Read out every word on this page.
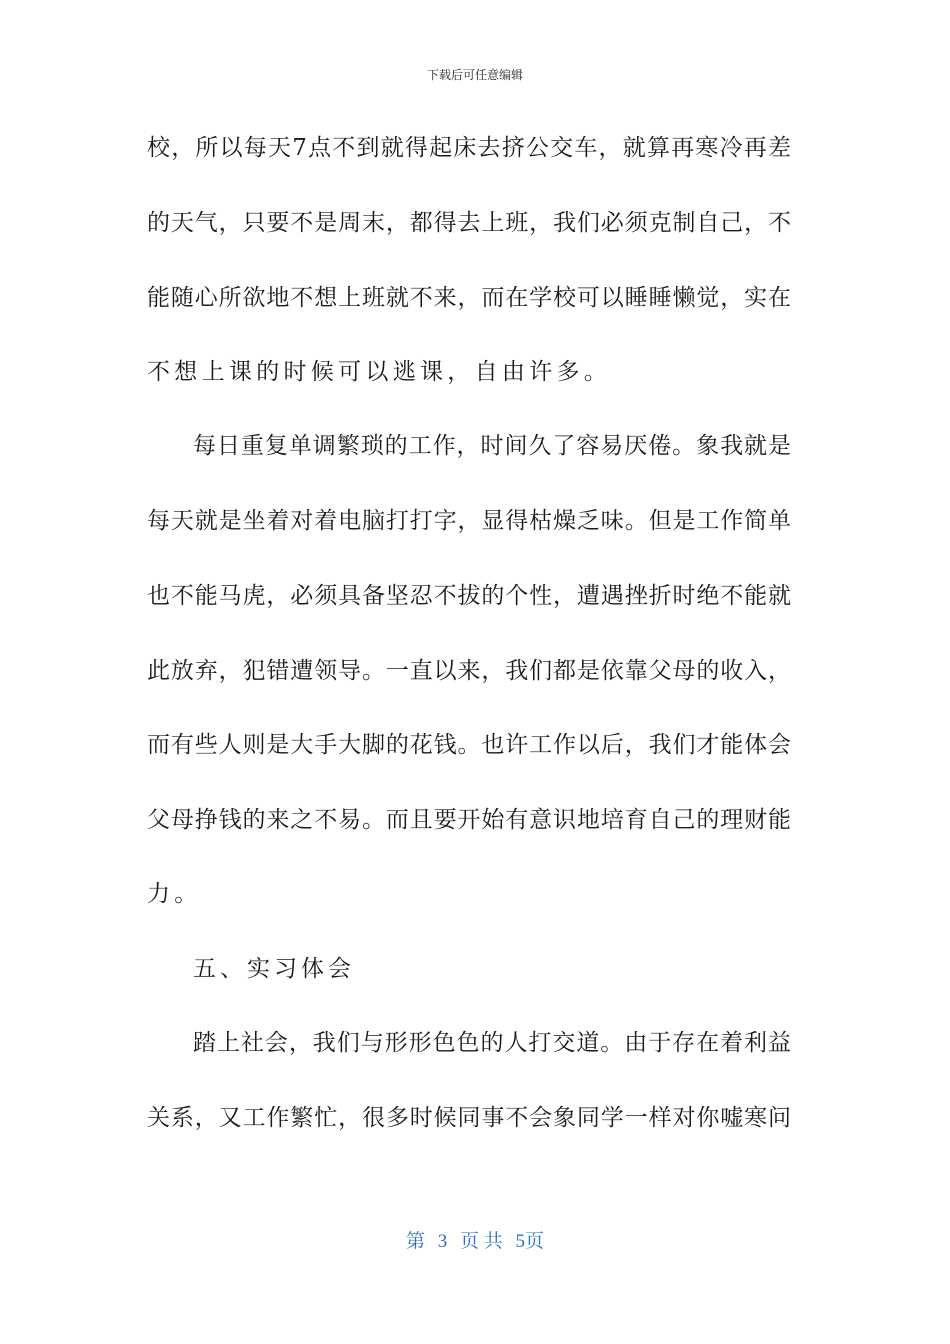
下载后可任意编辑
校，所以每天7点不到就得起床去挤公交车，就算再寒冷再差
的天气，只要不是周末，都得去上班，我们必须克制自己，不
能随心所欲地不想上班就不来，而在学校可以睡睡懒觉，实在
不想上课的时候可以逃课，自由许多。
每日重复单调繁琐的工作，时间久了容易厌倦。象我就是
每天就是坐着对着电脑打打字，显得枯燥乏味。但是工作简单
也不能马虎，必须具备坚忍不拔的个性，遭遇挫折时绝不能就
此放弃，犯错遭领导。一直以来，我们都是依靠父母的收入，
而有些人则是大手大脚的花钱。也许工作以后，我们才能体会
父母挣钱的来之不易。而且要开始有意识地培育自己的理财能
力。
五、实习体会
踏上社会，我们与形形色色的人打交道。由于存在着利益
关系，又工作繁忙，很多时候同事不会象同学一样对你嘘寒问
第 3 页 共 5页
